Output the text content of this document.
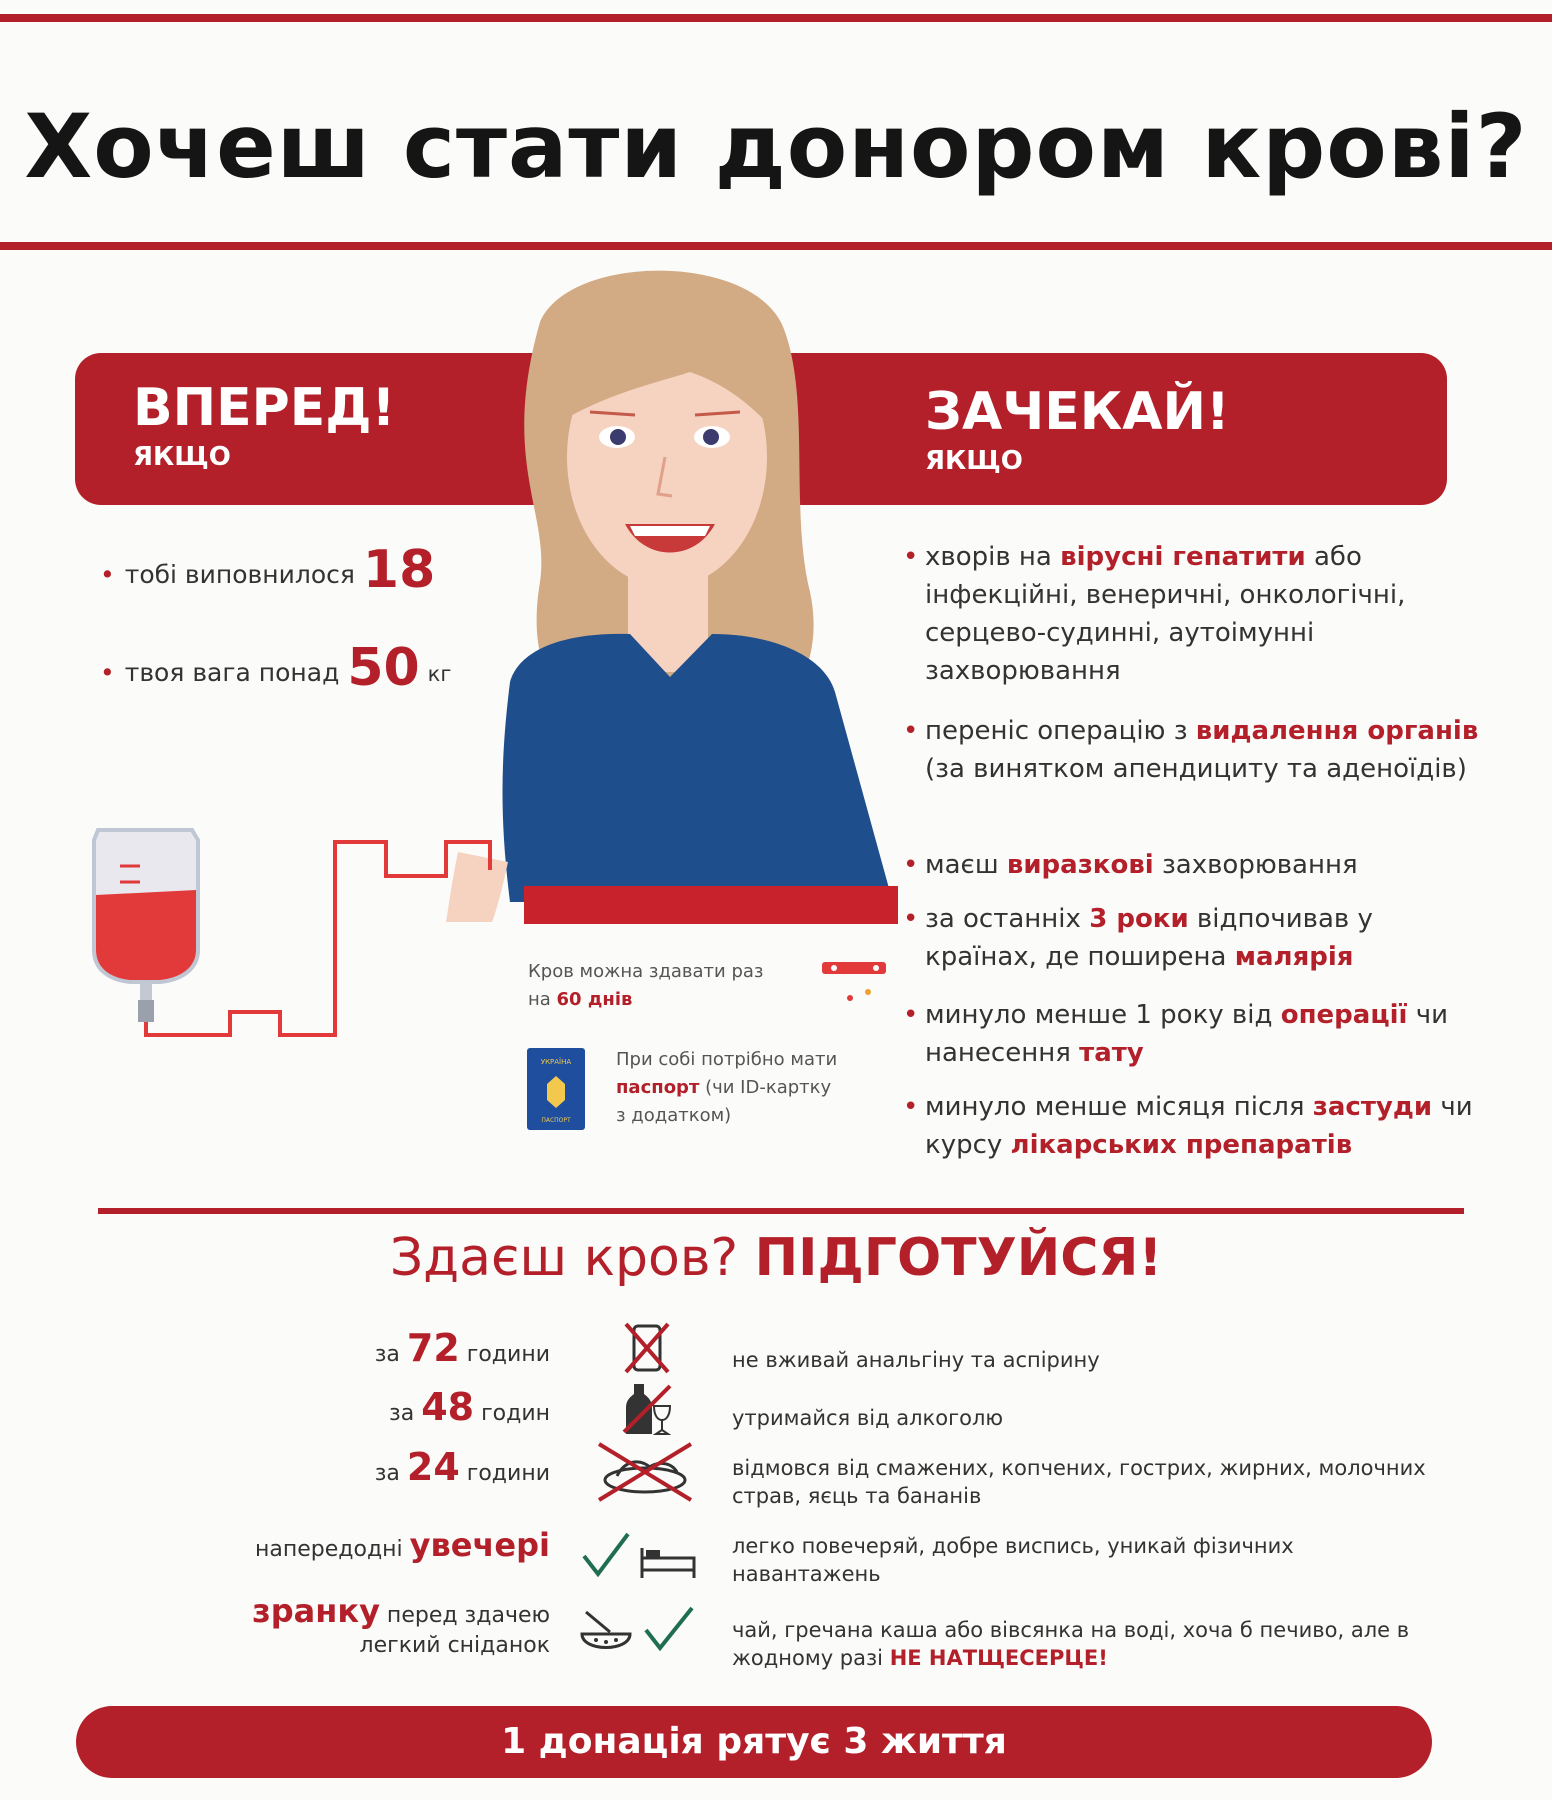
Хочеш стати донором крові?
ВПЕРЕД!
ЯКЩО
ЗАЧЕКАЙ!
ЯКЩО
• тобі виповнилося 18
• твоя вага понад 50 кг
• хворів на вірусні гепатити або інфекційні, венеричні, онкологічні, серцево-судинні, аутоімунні захворювання
• переніс операцію з видалення органів (за винятком апендициту та аденоїдів)
• маєш виразкові захворювання
• за останніх 3 роки відпочивав у країнах, де поширена малярія
• минуло менше 1 року від операції чи нанесення тату
• минуло менше місяця після застуди чи курсу лікарських препаратів
Кров можна здавати раз
на 60 днів
УКРАЇНА
ПАСПОРТ
При собі потрібно мати
паспорт (чи ID-картку
з додатком)
Здаєш кров? ПІДГОТУЙСЯ!
за 72 години
за 48 годин
за 24 години
напередодні увечері
зранку перед здачею
легкий сніданок
не вживай анальгіну та аспірину
утримайся від алкоголю
відмовся від смажених, копчених, гострих, жирних, молочних страв, яєць та бананів
легко повечеряй, добре виспись, уникай фізичних навантажень
чай, гречана каша або вівсянка на воді, хоча б печиво, але в жодному разі НЕ НАТЩЕСЕРЦЕ!
1 донація рятує 3 життя
